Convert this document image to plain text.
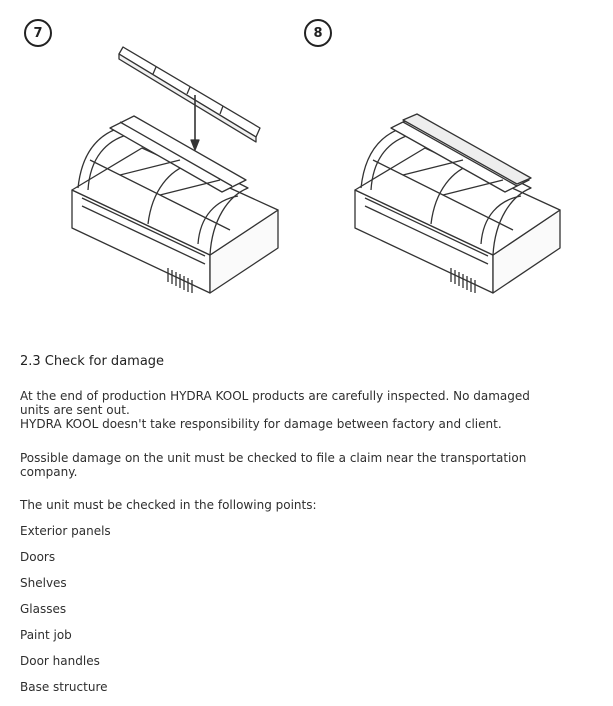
7	8
2.3 Check for damage
At the end of production HYDRA KOOL products are carefully inspected. No damaged
units are sent out.
HYDRA KOOL doesn't take responsibility for damage between factory and client.
Possible damage on the unit must be checked to file a claim near the transportation
company.
The unit must be checked in the following points:
Exterior panels
Doors
Shelves
Glasses
Paint job
Door handles
Base structure
